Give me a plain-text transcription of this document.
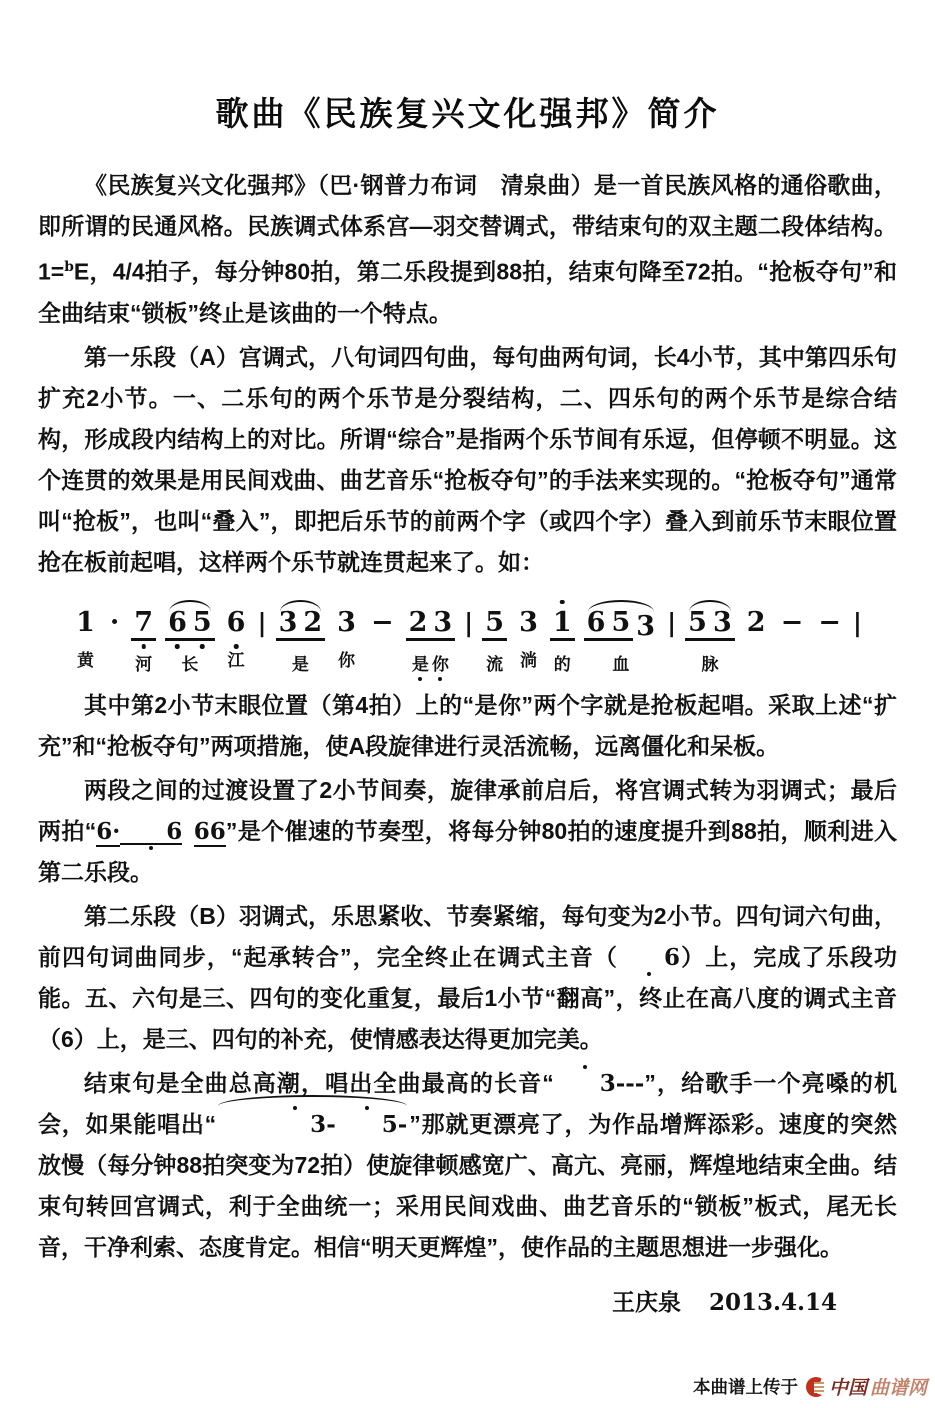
歌曲《民族复兴文化强邦》简介

《民族复兴文化强邦》（巴·钢普力布词　清泉曲）是一首民族风格的通俗歌曲，即所谓的民通风格。民族调式体系宫—羽交替调式，带结束句的双主题二段体结构。1=$^b$E，4/4拍子，每分钟80拍，第二乐段提到88拍，结束句降至72拍。“抢板夺句”和全曲结束“锁板”终止是该曲的一个特点。

第一乐段（A）宫调式，八句词四句曲，每句曲两句词，长4小节，其中第四乐句扩充2小节。一、二乐句的两个乐节是分裂结构，二、四乐句的两个乐节是综合结构，形成段内结构上的对比。所谓“综合”是指两个乐节间有乐逗，但停顿不明显。这个连贯的效果是用民间戏曲、曲艺音乐“抢板夺句”的手法来实现的。“抢板夺句”通常叫“抢板”，也叫“叠入”，即把后乐节的前两个字（或四个字）叠入到前乐节末眼位置抢在板前起唱，这样两个乐节就连贯起来了。如：

1
黄
· 7
河
6 5
长
6
江
| 3 2
是
3
你
− 2 3
是 你
| 5
流
3
淌
1
的
6 5 3
血
| 5 3
脉
2 − − |

其中第2小节末眼位置（第4拍）上的“是你”两个字就是抢板起唱。采取上述“扩充”和“抢板夺句”两项措施，使A段旋律进行灵活流畅，远离僵化和呆板。

两段之间的过渡设置了2小节间奏，旋律承前启后，将宫调式转为羽调式；最后两拍“6· 6  66”是个催速的节奏型，将每分钟80拍的速度提升到88拍，顺利进入第二乐段。

第二乐段（B）羽调式，乐思紧收、节奏紧缩，每句变为2小节。四句词六句曲，前四句词曲同步，“起承转合”，完全终止在调式主音（ 6）上，完成了乐段功能。五、六句是三、四句的变化重复，最后1小节“翻高”，终止在高八度的调式主音（6）上，是三、四句的补充，使情感表达得更加完美。

结束句是全曲总高潮，唱出全曲最高的长音“ 3---”，给歌手一个亮嗓的机会，如果能唱出“	3- 5-”那就更漂亮了，为作品增辉添彩。速度的突然放慢（每分钟88拍突变为72拍）使旋律顿感宽广、高亢、亮丽，辉煌地结束全曲。结束句转回宫调式，利于全曲统一；采用民间戏曲、曲艺音乐的“锁板”板式，尾无长音，干净利索、态度肯定。相信“明天更辉煌”，使作品的主题思想进一步强化。

王庆泉 2013.4.14
本曲谱上传于 中国 曲谱网
